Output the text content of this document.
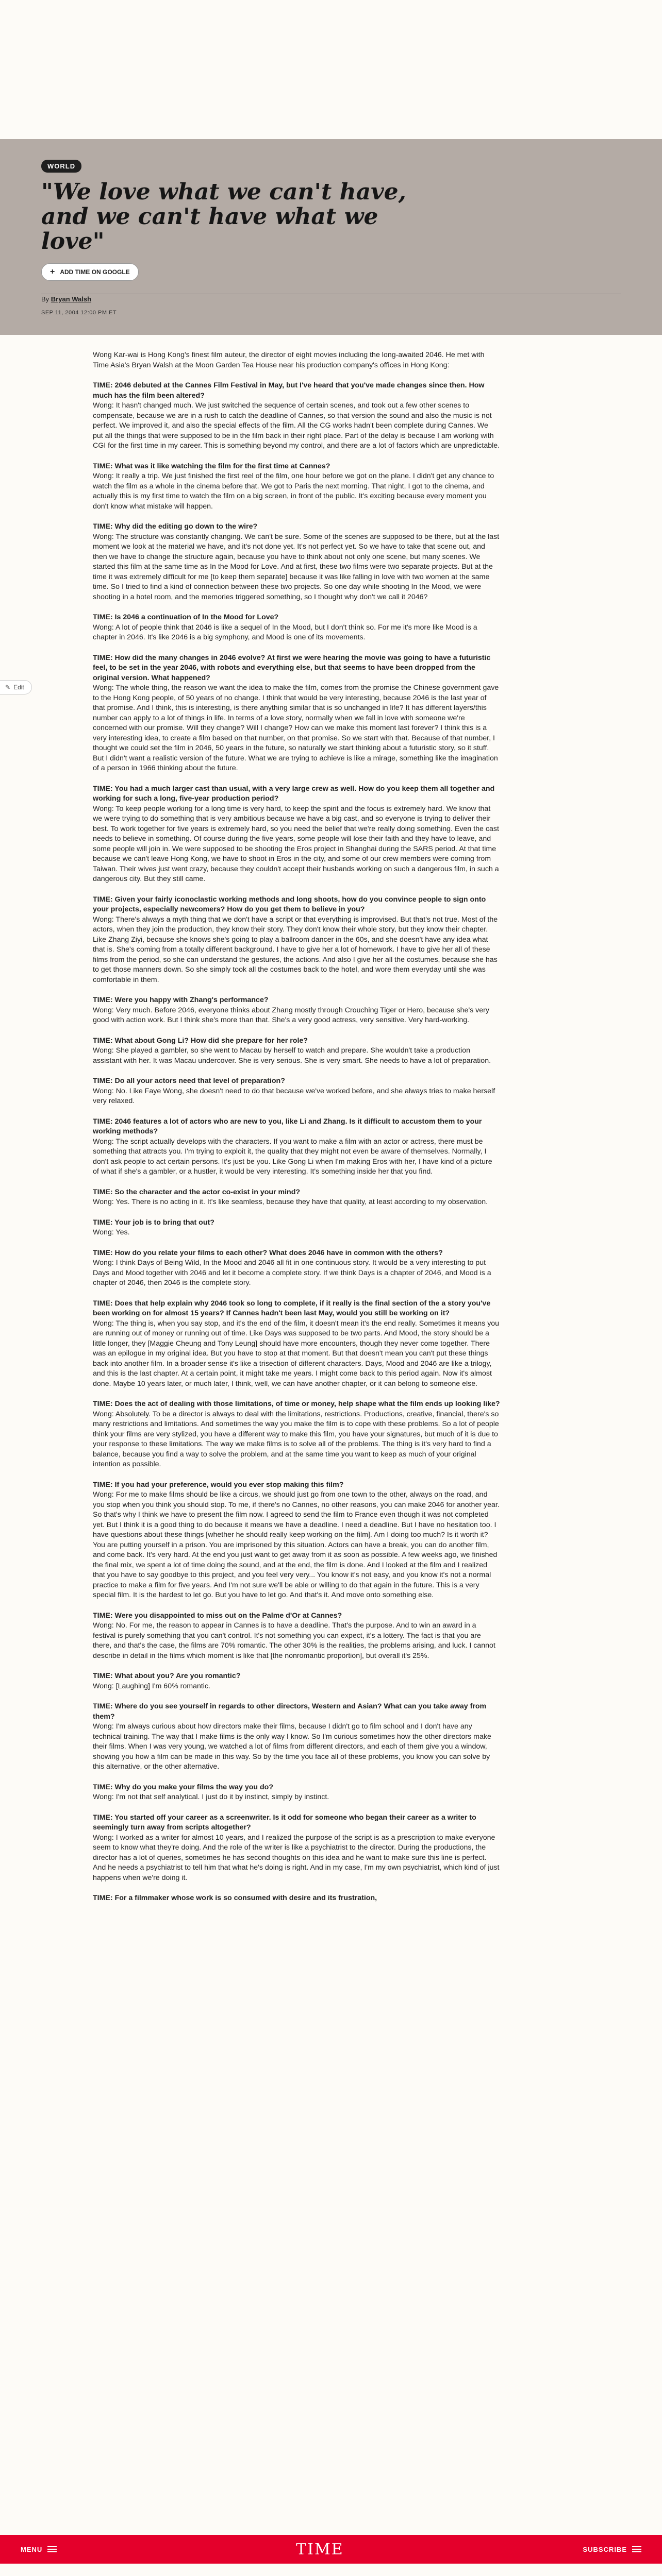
WORLD
"We love what we can't have, and we can't have what we love"
+ ADD TIME ON GOOGLE
By Bryan Walsh
SEP 11, 2004 12:00 PM ET
✎ Edit

Wong Kar-wai is Hong Kong's finest film auteur, the director of eight movies including the long-awaited 2046. He met with Time Asia's Bryan Walsh at the Moon Garden Tea House near his production company's offices in Hong Kong:

TIME: 2046 debuted at the Cannes Film Festival in May, but I've heard that you've made changes since then. How much has the film been altered?
Wong: It hasn't changed much. We just switched the sequence of certain scenes, and took out a few other scenes to compensate, because we are in a rush to catch the deadline of Cannes, so that version the sound and also the music is not perfect. We improved it, and also the special effects of the film. All the CG works hadn't been complete during Cannes. We put all the things that were supposed to be in the film back in their right place. Part of the delay is because I am working with CGI for the first time in my career. This is something beyond my control, and there are a lot of factors which are unpredictable.

TIME: What was it like watching the film for the first time at Cannes?
Wong: It really a trip. We just finished the first reel of the film, one hour before we got on the plane. I didn't get any chance to watch the film as a whole in the cinema before that. We got to Paris the next morning. That night, I got to the cinema, and actually this is my first time to watch the film on a big screen, in front of the public. It's exciting because every moment you don't know what mistake will happen.

TIME: Why did the editing go down to the wire?
Wong: The structure was constantly changing. We can't be sure. Some of the scenes are supposed to be there, but at the last moment we look at the material we have, and it's not done yet. It's not perfect yet. So we have to take that scene out, and then we have to change the structure again, because you have to think about not only one scene, but many scenes. We started this film at the same time as In the Mood for Love. And at first, these two films were two separate projects. But at the time it was extremely difficult for me [to keep them separate] because it was like falling in love with two women at the same time. So I tried to find a kind of connection between these two projects. So one day while shooting In the Mood, we were shooting in a hotel room, and the memories triggered something, so I thought why don't we call it 2046?

TIME: Is 2046 a continuation of In the Mood for Love?
Wong: A lot of people think that 2046 is like a sequel of In the Mood, but I don't think so. For me it's more like Mood is a chapter in 2046. It's like 2046 is a big symphony, and Mood is one of its movements.

TIME: How did the many changes in 2046 evolve? At first we were hearing the movie was going to have a futuristic feel, to be set in the year 2046, with robots and everything else, but that seems to have been dropped from the original version. What happened?
Wong: The whole thing, the reason we want the idea to make the film, comes from the promise the Chinese government gave to the Hong Kong people, of 50 years of no change. I think that would be very interesting, because 2046 is the last year of that promise. And I think, this is interesting, is there anything similar that is so unchanged in life? It has different layers/this number can apply to a lot of things in life. In terms of a love story, normally when we fall in love with someone we're concerned with our promise. Will they change? Will I change? How can we make this moment last forever? I think this is a very interesting idea, to create a film based on that number, on that promise. So we start with that. Because of that number, I thought we could set the film in 2046, 50 years in the future, so naturally we start thinking about a futuristic story, so it stuff. But I didn't want a realistic version of the future. What we are trying to achieve is like a mirage, something like the imagination of a person in 1966 thinking about the future.

TIME: You had a much larger cast than usual, with a very large crew as well. How do you keep them all together and working for such a long, five-year production period?
Wong: To keep people working for a long time is very hard, to keep the spirit and the focus is extremely hard. We know that we were trying to do something that is very ambitious because we have a big cast, and so everyone is trying to deliver their best. To work together for five years is extremely hard, so you need the belief that we're really doing something. Even the cast needs to believe in something. Of course during the five years, some people will lose their faith and they have to leave, and some people will join in. We were supposed to be shooting the Eros project in Shanghai during the SARS period. At that time because we can't leave Hong Kong, we have to shoot in Eros in the city, and some of our crew members were coming from Taiwan. Their wives just went crazy, because they couldn't accept their husbands working on such a dangerous film, in such a dangerous city. But they still came.

TIME: Given your fairly iconoclastic working methods and long shoots, how do you convince people to sign onto your projects, especially newcomers? How do you get them to believe in you?
Wong: There's always a myth thing that we don't have a script or that everything is improvised. But that's not true. Most of the actors, when they join the production, they know their story. They don't know their whole story, but they know their chapter. Like Zhang Ziyi, because she knows she's going to play a ballroom dancer in the 60s, and she doesn't have any idea what that is. She's coming from a totally different background. I have to give her a lot of homework. I have to give her all of these films from the period, so she can understand the gestures, the actions. And also I give her all the costumes, because she has to get those manners down. So she simply took all the costumes back to the hotel, and wore them everyday until she was comfortable in them.

TIME: Were you happy with Zhang's performance?
Wong: Very much. Before 2046, everyone thinks about Zhang mostly through Crouching Tiger or Hero, because she's very good with action work. But I think she's more than that. She's a very good actress, very sensitive. Very hard-working.

TIME: What about Gong Li? How did she prepare for her role?
Wong: She played a gambler, so she went to Macau by herself to watch and prepare. She wouldn't take a production assistant with her. It was Macau undercover. She is very serious. She is very smart. She needs to have a lot of preparation.

TIME: Do all your actors need that level of preparation?
Wong: No. Like Faye Wong, she doesn't need to do that because we've worked before, and she always tries to make herself very relaxed.

TIME: 2046 features a lot of actors who are new to you, like Li and Zhang. Is it difficult to accustom them to your working methods?
Wong: The script actually develops with the characters. If you want to make a film with an actor or actress, there must be something that attracts you. I'm trying to exploit it, the quality that they might not even be aware of themselves. Normally, I don't ask people to act certain persons. It's just be you. Like Gong Li when I'm making Eros with her, I have kind of a picture of what if she's a gambler, or a hustler, it would be very interesting. It's something inside her that you find.

TIME: So the character and the actor co-exist in your mind?
Wong: Yes. There is no acting in it. It's like seamless, because they have that quality, at least according to my observation.

TIME: Your job is to bring that out?
Wong: Yes.

TIME: How do you relate your films to each other? What does 2046 have in common with the others?
Wong: I think Days of Being Wild, In the Mood and 2046 all fit in one continuous story. It would be a very interesting to put Days and Mood together with 2046 and let it become a complete story. If we think Days is a chapter of 2046, and Mood is a chapter of 2046, then 2046 is the complete story.

TIME: Does that help explain why 2046 took so long to complete, if it really is the final section of the a story you've been working on for almost 15 years? If Cannes hadn't been last May, would you still be working on it?
Wong: The thing is, when you say stop, and it's the end of the film, it doesn't mean it's the end really. Sometimes it means you are running out of money or running out of time. Like Days was supposed to be two parts. And Mood, the story should be a little longer, they [Maggie Cheung and Tony Leung] should have more encounters, though they never come together. There was an epilogue in my original idea. But you have to stop at that moment. But that doesn't mean you can't put these things back into another film. In a broader sense it's like a trisection of different characters. Days, Mood and 2046 are like a trilogy, and this is the last chapter. At a certain point, it might take me years. I might come back to this period again. Now it's almost done. Maybe 10 years later, or much later, I think, well, we can have another chapter, or it can belong to someone else.

TIME: Does the act of dealing with those limitations, of time or money, help shape what the film ends up looking like?
Wong: Absolutely. To be a director is always to deal with the limitations, restrictions. Productions, creative, financial, there's so many restrictions and limitations. And sometimes the way you make the film is to cope with these problems. So a lot of people think your films are very stylized, you have a different way to make this film, you have your signatures, but much of it is due to your response to these limitations. The way we make films is to solve all of the problems. The thing is it's very hard to find a balance, because you find a way to solve the problem, and at the same time you want to keep as much of your original intention as possible.

TIME: If you had your preference, would you ever stop making this film?
Wong: For me to make films should be like a circus, we should just go from one town to the other, always on the road, and you stop when you think you should stop. To me, if there's no Cannes, no other reasons, you can make 2046 for another year. So that's why I think we have to present the film now. I agreed to send the film to France even though it was not completed yet. But I think it is a good thing to do because it means we have a deadline. I need a deadline. But I have no hesitation too. I have questions about these things [whether he should really keep working on the film]. Am I doing too much? Is it worth it? You are putting yourself in a prison. You are imprisoned by this situation. Actors can have a break, you can do another film, and come back. It's very hard. At the end you just want to get away from it as soon as possible. A few weeks ago, we finished the final mix, we spent a lot of time doing the sound, and at the end, the film is done. And I looked at the film and I realized that you have to say goodbye to this project, and you feel very very... You know it's not easy, and you know it's not a normal practice to make a film for five years. And I'm not sure we'll be able or willing to do that again in the future. This is a very special film. It is the hardest to let go. But you have to let go. And that's it. And move onto something else.

TIME: Were you disappointed to miss out on the Palme d'Or at Cannes?
Wong: No. For me, the reason to appear in Cannes is to have a deadline. That's the purpose. And to win an award in a festival is purely something that you can't control. It's not something you can expect, it's a lottery. The fact is that you are there, and that's the case, the films are 70% romantic. The other 30% is the realities, the problems arising, and luck. I cannot describe in detail in the films which moment is like that [the nonromantic proportion], but overall it's 25%.

TIME: What about you? Are you romantic?
Wong: [Laughing] I'm 60% romantic.

TIME: Where do you see yourself in regards to other directors, Western and Asian? What can you take away from them?
Wong: I'm always curious about how directors make their films, because I didn't go to film school and I don't have any technical training. The way that I make films is the only way I know. So I'm curious sometimes how the other directors make their films. When I was very young, we watched a lot of films from different directors, and each of them give you a window, showing you how a film can be made in this way. So by the time you face all of these problems, you know you can solve by this alternative, or the other alternative.

TIME: Why do you make your films the way you do?
Wong: I'm not that self analytical. I just do it by instinct, simply by instinct.

TIME: You started off your career as a screenwriter. Is it odd for someone who began their career as a writer to seemingly turn away from scripts altogether?
Wong: I worked as a writer for almost 10 years, and I realized the purpose of the script is as a prescription to make everyone seem to know what they're doing. And the role of the writer is like a psychiatrist to the director. During the productions, the director has a lot of queries, sometimes he has second thoughts on this idea and he want to make sure this line is perfect. And he needs a psychiatrist to tell him that what he's doing is right. And in my case, I'm my own psychiatrist, which kind of just happens when we're doing it.

TIME: For a filmmaker whose work is so consumed with desire and its frustration,

MENU	TIME	SUBSCRIBE
